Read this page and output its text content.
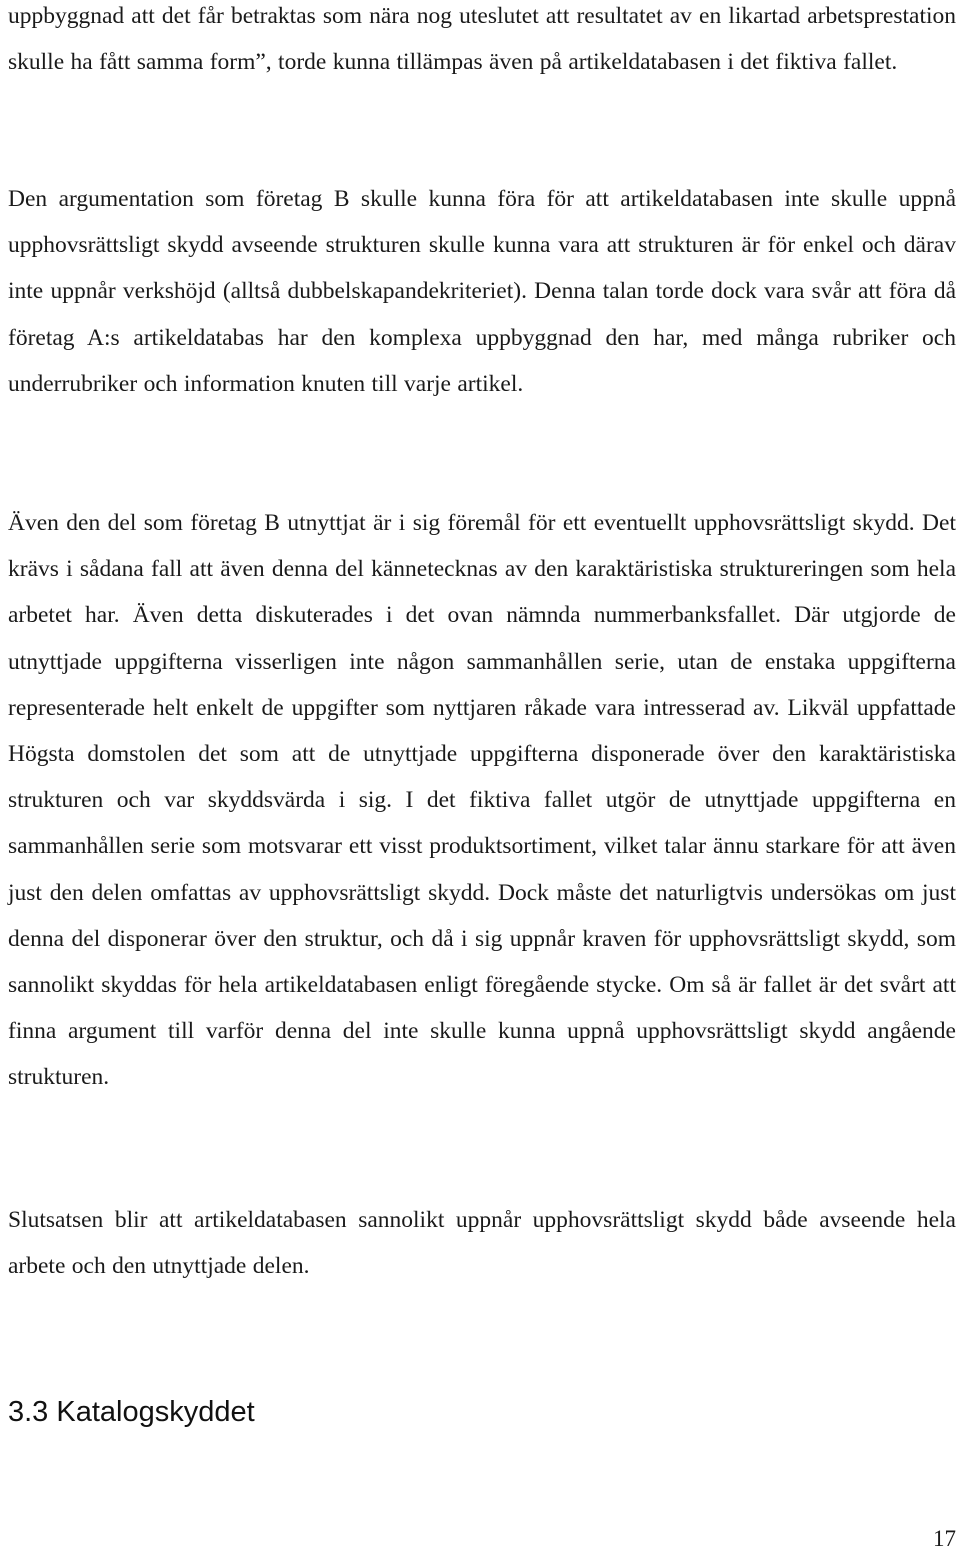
uppbyggnad att det får betraktas som nära nog uteslutet att resultatet av en likartad arbetsprestation skulle ha fått samma form”, torde kunna tillämpas även på artikeldatabasen i det fiktiva fallet.

Den argumentation som företag B skulle kunna föra för att artikeldatabasen inte skulle uppnå upphovsrättsligt skydd avseende strukturen skulle kunna vara att strukturen är för enkel och därav inte uppnår verkshöjd (alltså dubbelskapandekriteriet). Denna talan torde dock vara svår att föra då företag A:s artikeldatabas har den komplexa uppbyggnad den har, med många rubriker och underrubriker och information knuten till varje artikel.

Även den del som företag B utnyttjat är i sig föremål för ett eventuellt upphovsrättsligt skydd. Det krävs i sådana fall att även denna del kännetecknas av den karaktäristiska struktureringen som hela arbetet har. Även detta diskuterades i det ovan nämnda nummerbanksfallet. Där utgjorde de utnyttjade uppgifterna visserligen inte någon sammanhållen serie, utan de enstaka uppgifterna representerade helt enkelt de uppgifter som nyttjaren råkade vara intresserad av. Likväl uppfattade Högsta domstolen det som att de utnyttjade uppgifterna disponerade över den karaktäristiska strukturen och var skyddsvärda i sig. I det fiktiva fallet utgör de utnyttjade uppgifterna en sammanhållen serie som motsvarar ett visst produktsortiment, vilket talar ännu starkare för att även just den delen omfattas av upphovsrättsligt skydd. Dock måste det naturligtvis undersökas om just denna del disponerar över den struktur, och då i sig uppnår kraven för upphovsrättsligt skydd, som sannolikt skyddas för hela artikeldatabasen enligt föregående stycke. Om så är fallet är det svårt att finna argument till varför denna del inte skulle kunna uppnå upphovsrättsligt skydd angående strukturen.

Slutsatsen blir att artikeldatabasen sannolikt uppnår upphovsrättsligt skydd både avseende hela arbete och den utnyttjade delen.

3.3 Katalogskyddet
17
